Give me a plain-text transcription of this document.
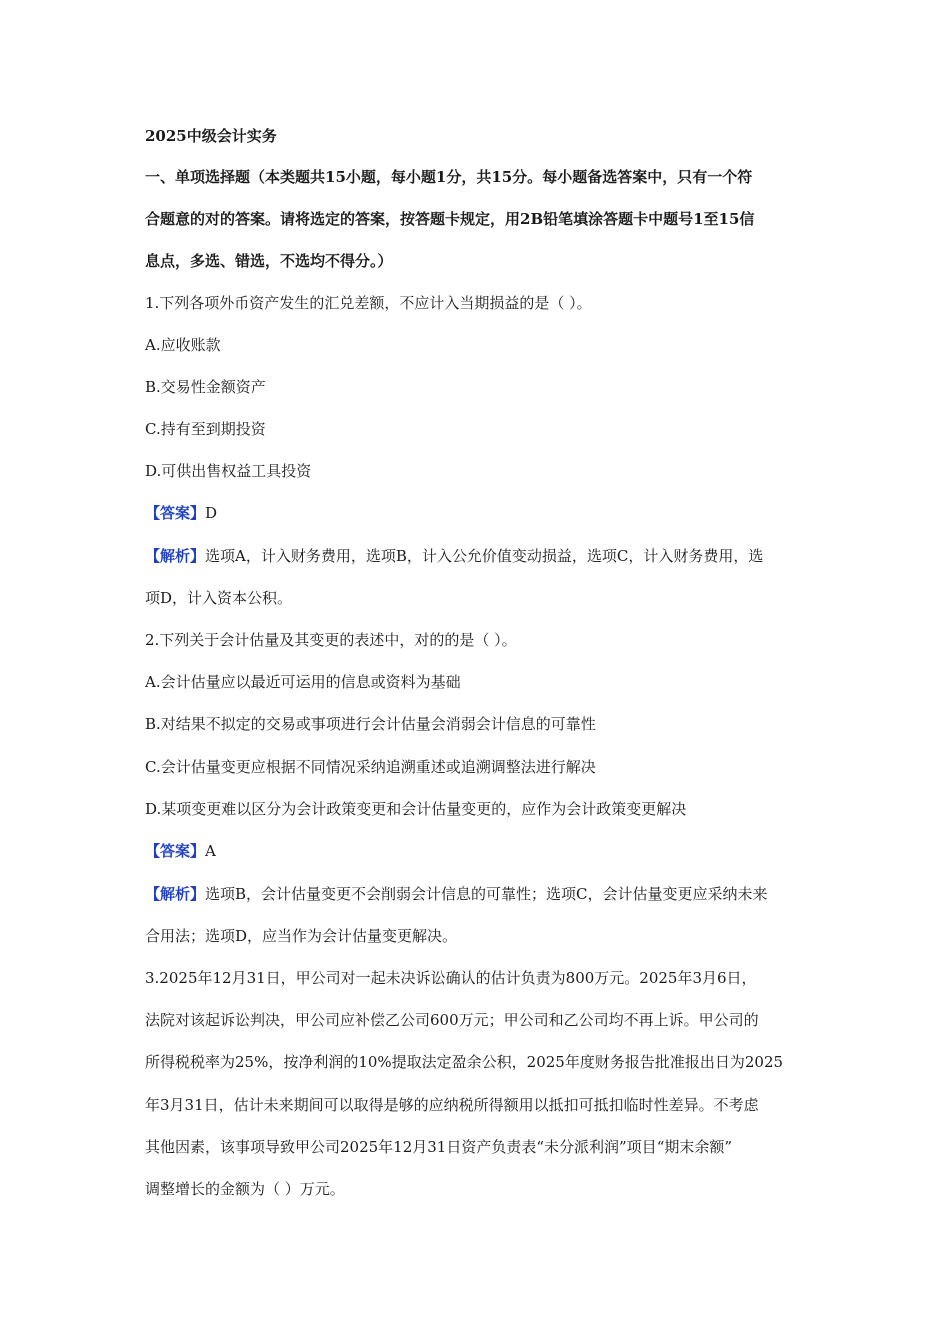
2025中级会计实务
一、单项选择题（本类题共15小题，每小题1分，共15分。每小题备选答案中，只有一个符
合题意的对的答案。请将选定的答案，按答题卡规定，用2B铅笔填涂答题卡中题号1至15信
息点，多选、错选，不选均不得分。）
1.下列各项外币资产发生的汇兑差额，不应计入当期损益的是（ ）。
A.应收账款
B.交易性金额资产
C.持有至到期投资
D.可供出售权益工具投资
【答案】D
【解析】选项A，计入财务费用，选项B，计入公允价值变动损益，选项C，计入财务费用，选
项D，计入资本公积。
2.下列关于会计估量及其变更的表述中，对的的是（ ）。
A.会计估量应以最近可运用的信息或资料为基础
B.对结果不拟定的交易或事项进行会计估量会消弱会计信息的可靠性
C.会计估量变更应根据不同情况采纳追溯重述或追溯调整法进行解决
D.某项变更难以区分为会计政策变更和会计估量变更的，应作为会计政策变更解决
【答案】A
【解析】选项B，会计估量变更不会削弱会计信息的可靠性；选项C，会计估量变更应采纳未来
合用法；选项D，应当作为会计估量变更解决。
3.2025年12月31日，甲公司对一起未决诉讼确认的估计负责为800万元。2025年3月6日，
法院对该起诉讼判决，甲公司应补偿乙公司600万元；甲公司和乙公司均不再上诉。甲公司的
所得税税率为25%，按净利润的10%提取法定盈余公积，2025年度财务报告批准报出日为2025
年3月31日，估计未来期间可以取得是够的应纳税所得额用以抵扣可抵扣临时性差异。不考虑
其他因素，该事项导致甲公司2025年12月31日资产负责表“未分派利润”项目“期末余额”
调整增长的金额为（ ）万元。
